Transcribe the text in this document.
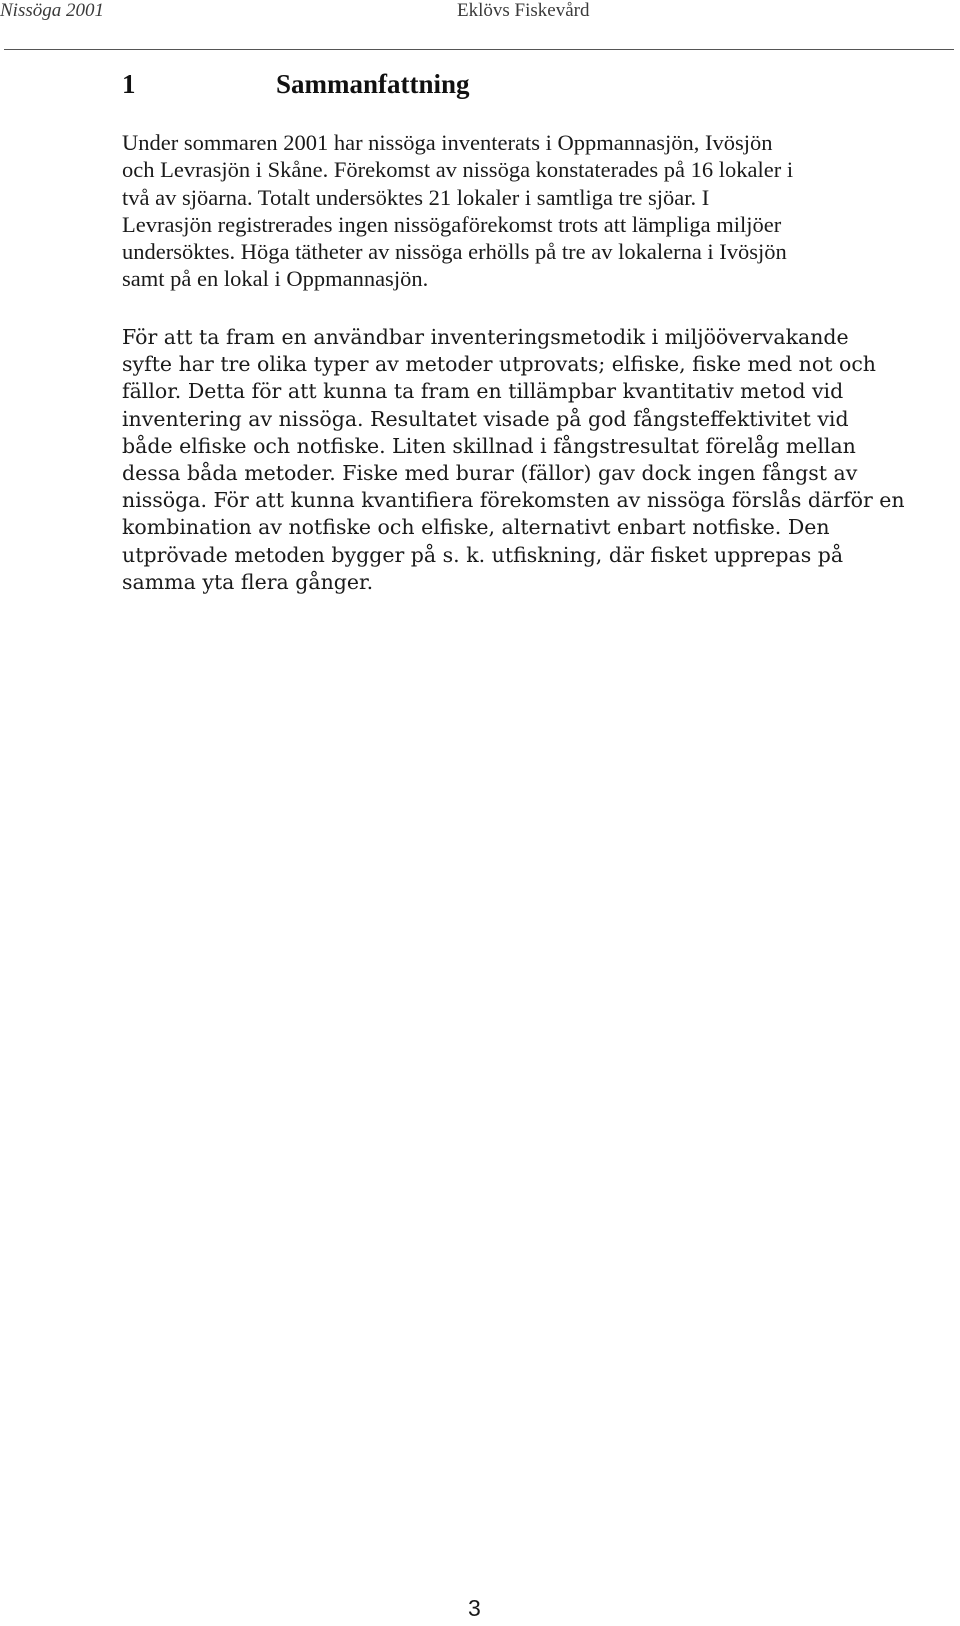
Nissöga 2001	Eklövs Fiskevård
1	Sammanfattning
Under sommaren 2001 har nissöga inventerats i Oppmannasjön, Ivösjön
och Levrasjön i Skåne. Förekomst av nissöga konstaterades på 16 lokaler i
två av sjöarna. Totalt undersöktes 21 lokaler i samtliga tre sjöar. I
Levrasjön registrerades ingen nissögaförekomst trots att lämpliga miljöer
undersöktes. Höga tätheter av nissöga erhölls på tre av lokalerna i Ivösjön
samt på en lokal i Oppmannasjön.
För att ta fram en användbar inventeringsmetodik i miljöövervakande
syfte har tre olika typer av metoder utprovats; elfiske, fiske med not och
fällor. Detta för att kunna ta fram en tillämpbar kvantitativ metod vid
inventering av nissöga. Resultatet visade på god fångsteffektivitet vid
både elfiske och notfiske. Liten skillnad i fångstresultat förelåg mellan
dessa båda metoder. Fiske med burar (fällor) gav dock ingen fångst av
nissöga. För att kunna kvantifiera förekomsten av nissöga förslås därför en
kombination av notfiske och elfiske, alternativt enbart notfiske. Den
utprövade metoden bygger på s. k. utfiskning, där fisket upprepas på
samma yta flera gånger.
3
